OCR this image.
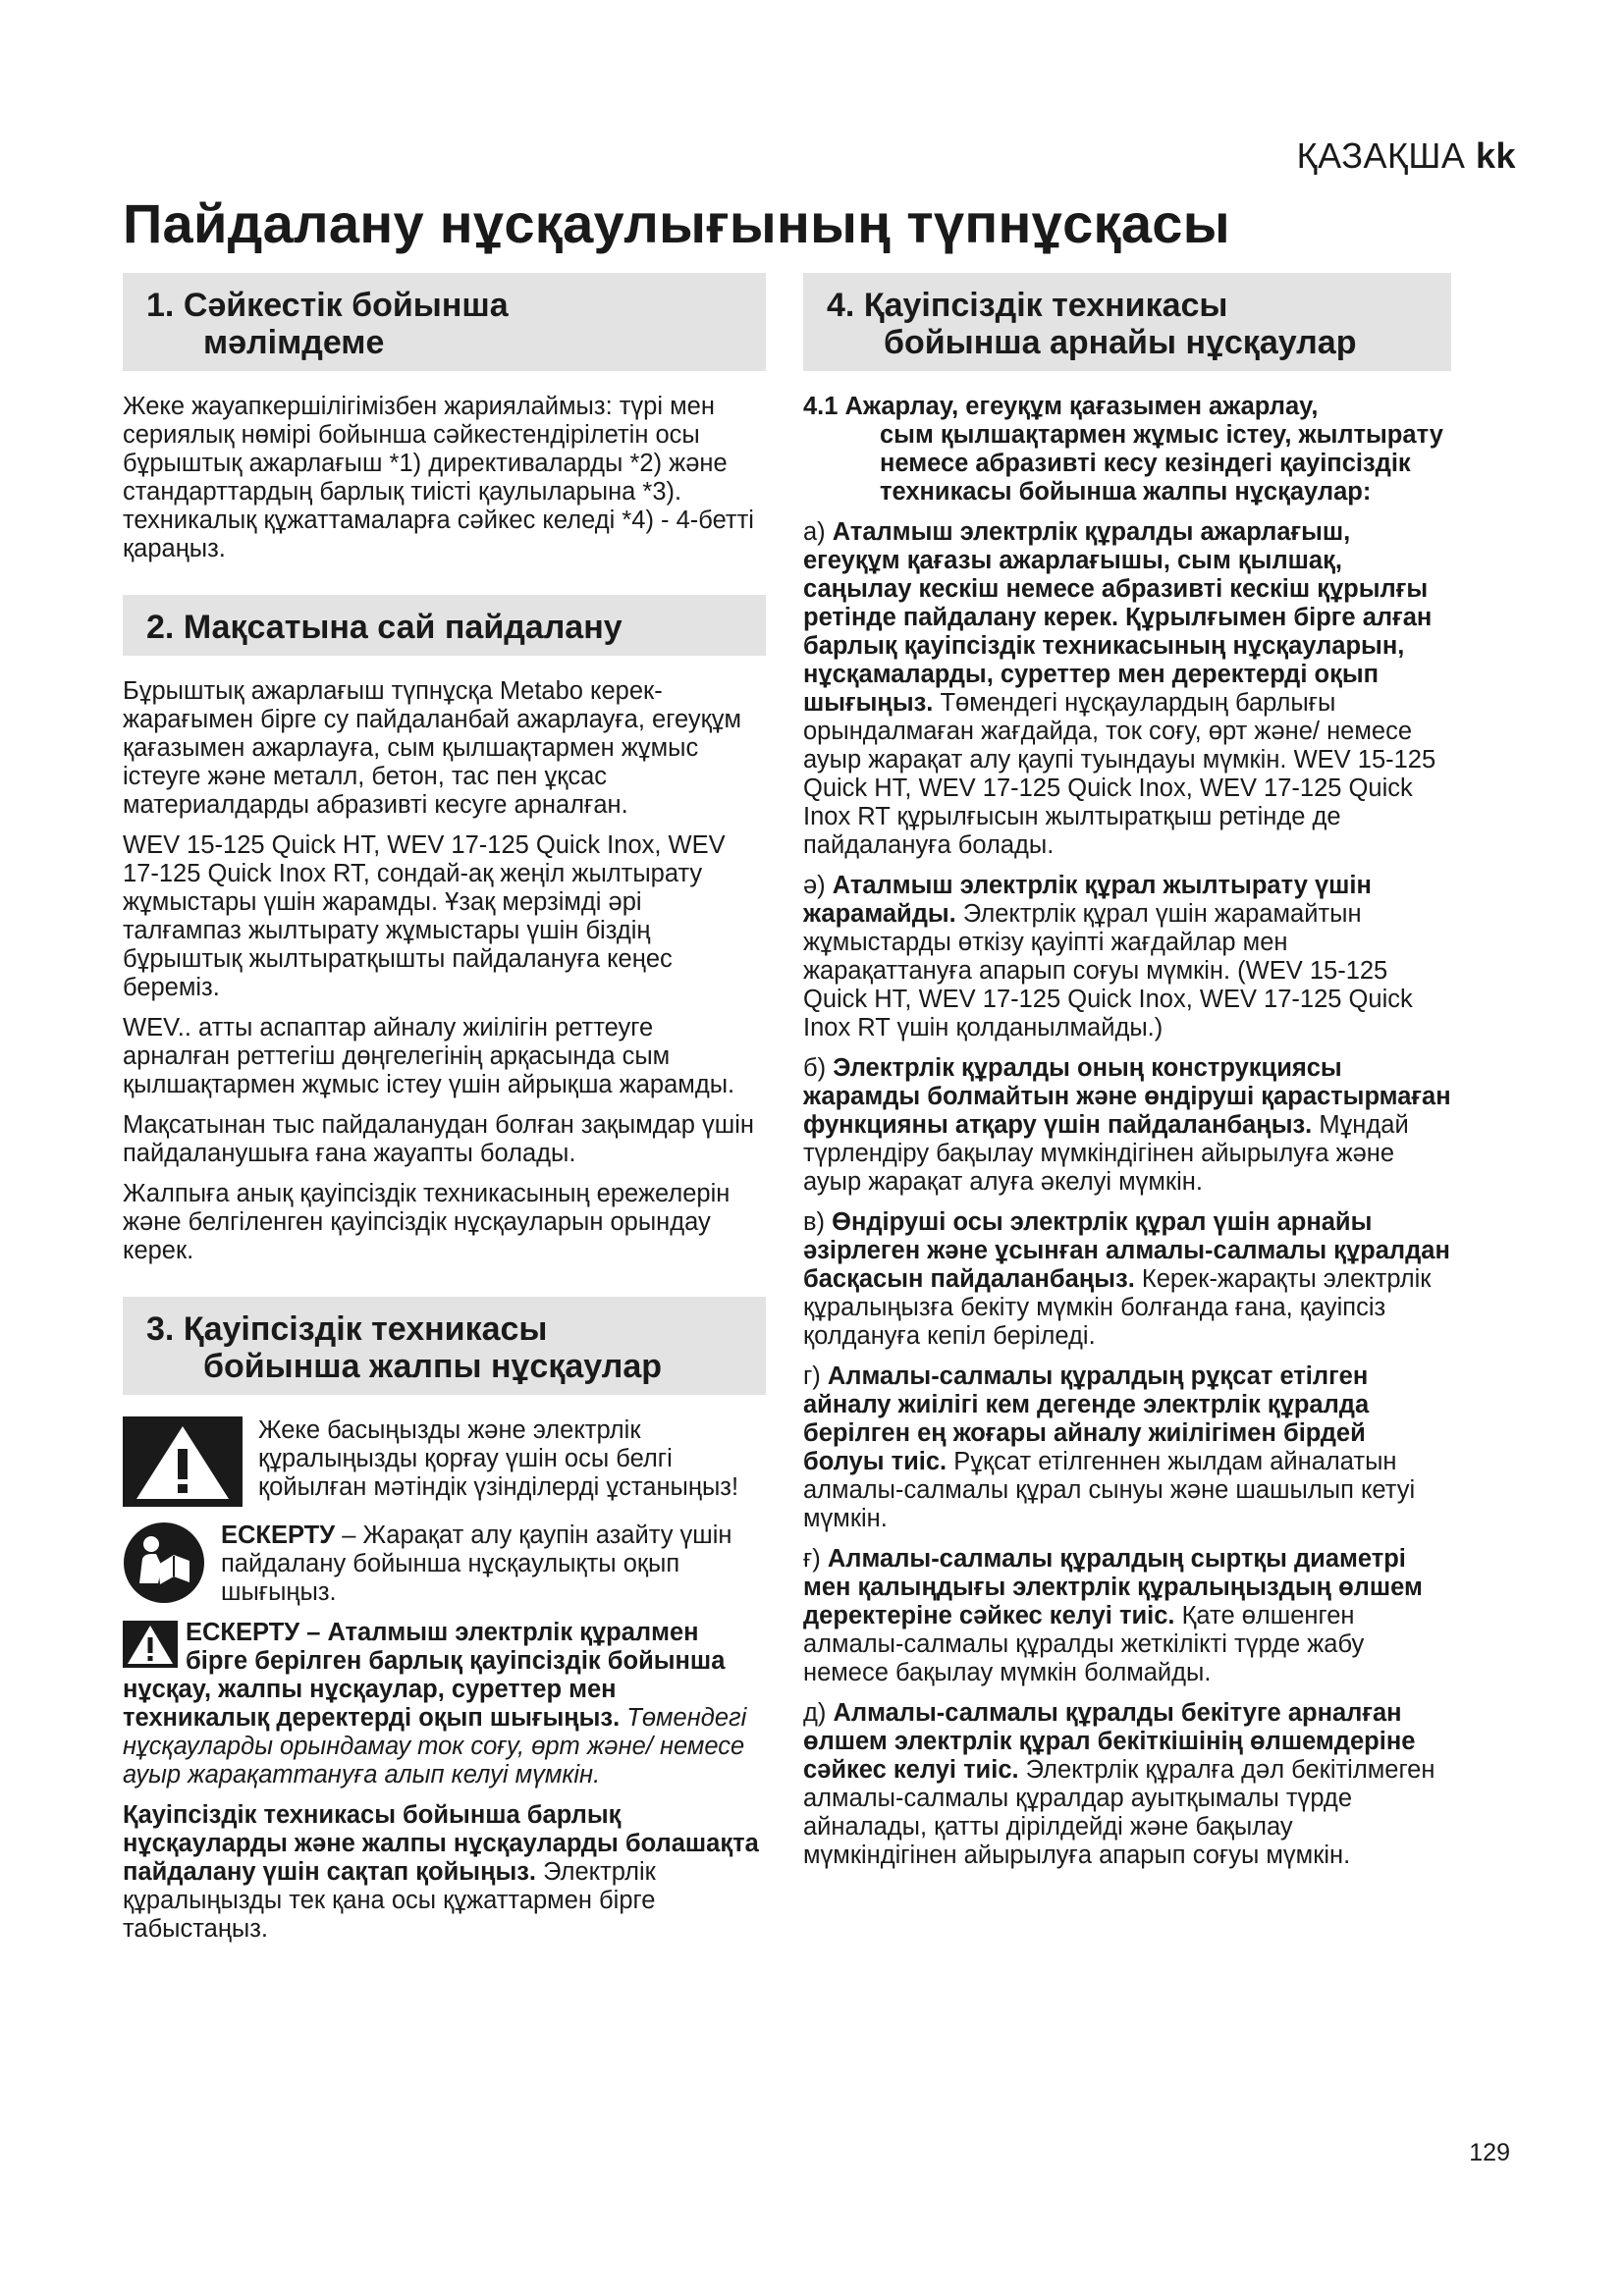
ҚАЗАҚША kk
Пайдалану нұсқаулығының түпнұсқасы
1. Сәйкестік бойынша
мәлімдеме

Жеке жауапкершілігімізбен жариялаймыз: түрі мен сериялық нөмірі бойынша сәйкестендірілетін осы бұрыштық ажарлағыш *1) директиваларды *2) және стандарттардың барлық тиісті қаулыларына *3). техникалық құжаттамаларға сәйкес келеді *4) - 4-бетті қараңыз.

2. Мақсатына сай пайдалану

Бұрыштық ажарлағыш түпнұсқа Metabo керек-жарағымен бірге су пайдаланбай ажарлауға, егеуқұм қағазымен ажарлауға, сым қылшақтармен жұмыс істеуге және металл, бетон, тас пен ұқсас материалдарды абразивті кесуге арналған.

WEV 15-125 Quick HT, WEV 17-125 Quick Inox, WEV 17-125 Quick Inox RT, сондай-ақ жеңіл жылтырату жұмыстары үшін жарамды. Ұзақ мерзімді әрі талғампаз жылтырату жұмыстары үшін біздің бұрыштық жылтыратқышты пайдалануға кеңес береміз.

WEV.. атты аспаптар айналу жиілігін реттеуге арналған реттегіш дөңгелегінің арқасында сым қылшақтармен жұмыс істеу үшін айрықша жарамды.

Мақсатынан тыс пайдаланудан болған зақымдар үшін пайдаланушыға ғана жауапты болады.

Жалпыға анық қауіпсіздік техникасының ережелерін және белгіленген қауіпсіздік нұсқауларын орындау керек.

3. Қауіпсіздік техникасы
бойынша жалпы нұсқаулар

Жеке басыңызды және электрлік құралыңызды қорғау үшін осы белгі қойылған мәтіндік үзінділерді ұстаныңыз!

ЕСКЕРТУ – Жарақат алу қаупін азайту үшін пайдалану бойынша нұсқаулықты оқып шығыңыз.

ЕСКЕРТУ – Аталмыш электрлік құралмен бірге берілген барлық қауіпсіздік бойынша нұсқау, жалпы нұсқаулар, суреттер мен техникалық деректерді оқып шығыңыз. Төмендегі нұсқауларды орындамау ток соғу, өрт және/ немесе ауыр жарақаттануға алып келуі мүмкін.

Қауіпсіздік техникасы бойынша барлық нұсқауларды және жалпы нұсқауларды болашақта пайдалану үшін сақтап қойыңыз. Электрлік құралыңызды тек қана осы құжаттармен бірге табыстаңыз.

4. Қауіпсіздік техникасы
бойынша арнайы нұсқаулар
4.1 Ажарлау, егеуқұм қағазымен ажарлау,
сым қылшақтармен жұмыс істеу, жылтырату немесе абразивті кесу кезіндегі қауіпсіздік техникасы бойынша жалпы нұсқаулар:

а) Аталмыш электрлік құралды ажарлағыш, егеуқұм қағазы ажарлағышы, сым қылшақ, саңылау кескіш немесе абразивті кескіш құрылғы ретінде пайдалану керек. Құрылғымен бірге алған барлық қауіпсіздік техникасының нұсқауларын, нұсқамаларды, суреттер мен деректерді оқып шығыңыз. Төмендегі нұсқаулардың барлығы орындалмаған жағдайда, ток соғу, өрт және/ немесе ауыр жарақат алу қаупі туындауы мүмкін. WEV 15-125 Quick HT, WEV 17-125 Quick Inox, WEV 17-125 Quick Inox RT құрылғысын жылтыратқыш ретінде де пайдалануға болады.

ә) Аталмыш электрлік құрал жылтырату үшін жарамайды. Электрлік құрал үшін жарамайтын жұмыстарды өткізу қауіпті жағдайлар мен жарақаттануға апарып соғуы мүмкін. (WEV 15-125 Quick HT, WEV 17-125 Quick Inox, WEV 17-125 Quick Inox RT үшін қолданылмайды.)

б) Электрлік құралды оның конструкциясы жарамды болмайтын және өндіруші қарастырмаған функцияны атқару үшін пайдаланбаңыз. Мұндай түрлендіру бақылау мүмкіндігінен айырылуға және ауыр жарақат алуға әкелуі мүмкін.

в) Өндіруші осы электрлік құрал үшін арнайы әзірлеген және ұсынған алмалы-салмалы құралдан басқасын пайдаланбаңыз. Керек-жарақты электрлік құралыңызға бекіту мүмкін болғанда ғана, қауіпсіз қолдануға кепіл беріледі.

г) Алмалы-салмалы құралдың рұқсат етілген айналу жиілігі кем дегенде электрлік құралда берілген ең жоғары айналу жиілігімен бірдей болуы тиіс. Рұқсат етілгеннен жылдам айналатын алмалы-салмалы құрал сынуы және шашылып кетуі мүмкін.

ғ) Алмалы-салмалы құралдың сыртқы диаметрі мен қалыңдығы электрлік құралыңыздың өлшем деректеріне сәйкес келуі тиіс. Қате өлшенген алмалы-салмалы құралды жеткілікті түрде жабу немесе бақылау мүмкін болмайды.

д) Алмалы-салмалы құралды бекітуге арналған өлшем электрлік құрал бекіткішінің өлшемдеріне сәйкес келуі тиіс. Электрлік құралға дәл бекітілмеген алмалы-салмалы құралдар ауытқымалы түрде айналады, қатты дірілдейді және бақылау мүмкіндігінен айырылуға апарып соғуы мүмкін.

129
